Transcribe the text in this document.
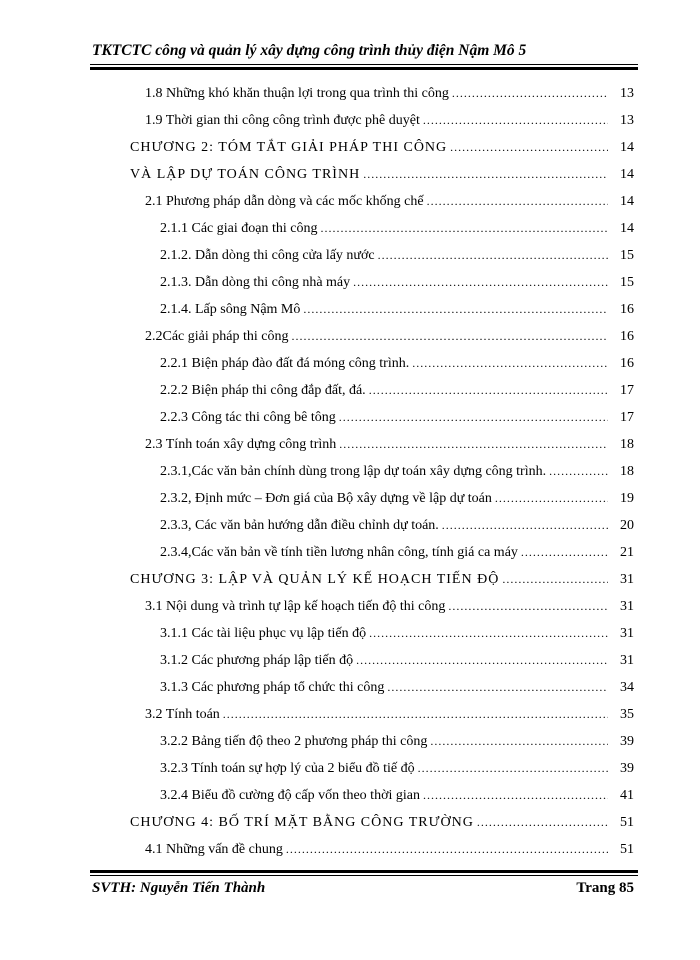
TKTCTC công và quản lý xây dựng công trình thủy điện Nậm Mô 5
1.8 Những khó khăn thuận lợi trong qua trình thi công .....	13
1.9 Thời gian thi công công trình được phê duyệt .....	13
CHƯƠNG 2: TÓM TẮT GIẢI PHÁP THI CÔNG .....	14
VÀ LẬP DỰ TOÁN CÔNG TRÌNH .....	14
2.1 Phương pháp dẫn dòng và các mốc khống chế .....	14
2.1.1 Các giai đoạn thi công .....	14
2.1.2. Dẫn dòng thi công cửa lấy nước .....	15
2.1.3. Dẫn dòng thi công nhà máy .....	15
2.1.4. Lấp sông Nậm Mô .....	16
2.2Các giải pháp thi công .....	16
2.2.1 Biện pháp đào đất đá móng công trình. .....	16
2.2.2 Biện pháp thi công đắp đất, đá. .....	17
2.2.3 Công tác thi công bê tông .....	17
2.3 Tính toán xây dựng công trình .....	18
2.3.1,Các văn bản chính dùng trong lập dự toán xây dựng công trình. .....	18
2.3.2, Định mức – Đơn giá của Bộ xây dựng về lập dự toán .....	19
2.3.3, Các văn bản hướng dẫn điều chỉnh dự toán. .....	20
2.3.4,Các văn bản về tính tiền lương nhân công, tính giá ca máy .....	21
CHƯƠNG 3: LẬP VÀ QUẢN LÝ KẾ HOẠCH TIẾN ĐỘ .....	31
3.1 Nội dung và trình tự lập kế hoạch tiến độ thi công .....	31
3.1.1 Các tài liệu phục vụ lập tiến độ .....	31
3.1.2 Các phương pháp lập tiến độ .....	31
3.1.3 Các phương pháp tổ chức thi công .....	34
3.2 Tính toán .....	35
3.2.2 Bảng tiến độ theo 2 phương pháp thi công .....	39
3.2.3 Tính toán sự hợp lý của 2 biểu đồ tiế độ .....	39
3.2.4 Biểu đồ cường độ cấp vốn theo thời gian .....	41
CHƯƠNG 4: BỐ TRÍ MẶT BẰNG CÔNG TRƯỜNG .....	51
4.1 Những vấn đề chung .....	51
SVTH: Nguyễn Tiến Thành	Trang 85
